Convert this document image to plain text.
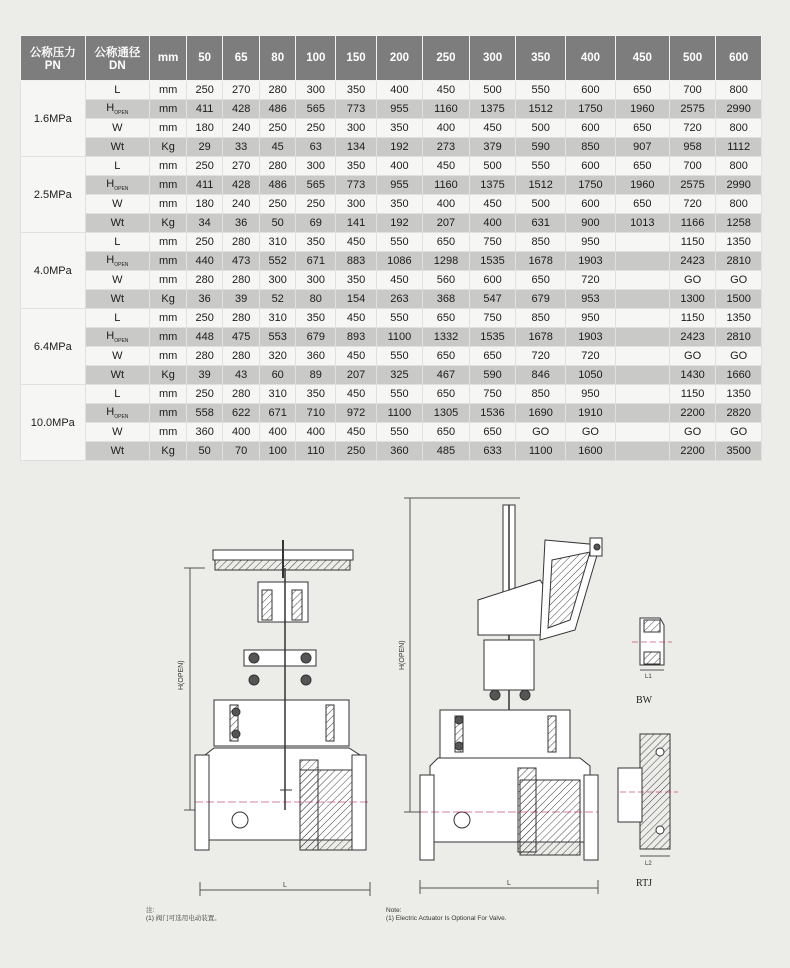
公称压力
PN	公称通径
DN	mm	50	65	80	100	150	200	250	300	350	400	450	500	600
1.6MPa	L	mm	250	270	280	300	350	400	450	500	550	600	650	700	800
	$H_{OPEN}$	mm	411	428	486	565	773	955	1160	1375	1512	1750	1960	2575	2990
	W	mm	180	240	250	250	300	350	400	450	500	600	650	720	800
	Wt	Kg	29	33	45	63	134	192	273	379	590	850	907	958	1112
2.5MPa	L	mm	250	270	280	300	350	400	450	500	550	600	650	700	800
	$H_{OPEN}$	mm	411	428	486	565	773	955	1160	1375	1512	1750	1960	2575	2990
	W	mm	180	240	250	250	300	350	400	450	500	600	650	720	800
	Wt	Kg	34	36	50	69	141	192	207	400	631	900	1013	1166	1258
4.0MPa	L	mm	250	280	310	350	450	550	650	750	850	950		1150	1350
	$H_{OPEN}$	mm	440	473	552	671	883	1086	1298	1535	1678	1903		2423	2810
	W	mm	280	280	300	300	350	450	560	600	650	720		GO	GO
	Wt	Kg	36	39	52	80	154	263	368	547	679	953		1300	1500
6.4MPa	L	mm	250	280	310	350	450	550	650	750	850	950		1150	1350
	$H_{OPEN}$	mm	448	475	553	679	893	1100	1332	1535	1678	1903		2423	2810
	W	mm	280	280	320	360	450	550	650	650	720	720		GO	GO
	Wt	Kg	39	43	60	89	207	325	467	590	846	1050		1430	1660
10.0MPa	L	mm	250	280	310	350	450	550	650	750	850	950		1150	1350
	$H_{OPEN}$	mm	558	622	671	710	972	1100	1305	1536	1690	1910		2200	2820
	W	mm	360	400	400	400	450	550	650	650	GO	GO		GO	GO
	Wt	Kg	50	70	100	110	250	360	485	633	1100	1600		2200	3500
H(OPEN)
L
H(OPEN)
L
L1
BW
L2
RTJ
注:
(1) 阀门可选用电动装置。
Note:
(1) Electric Actuator Is Optional For Valve.
